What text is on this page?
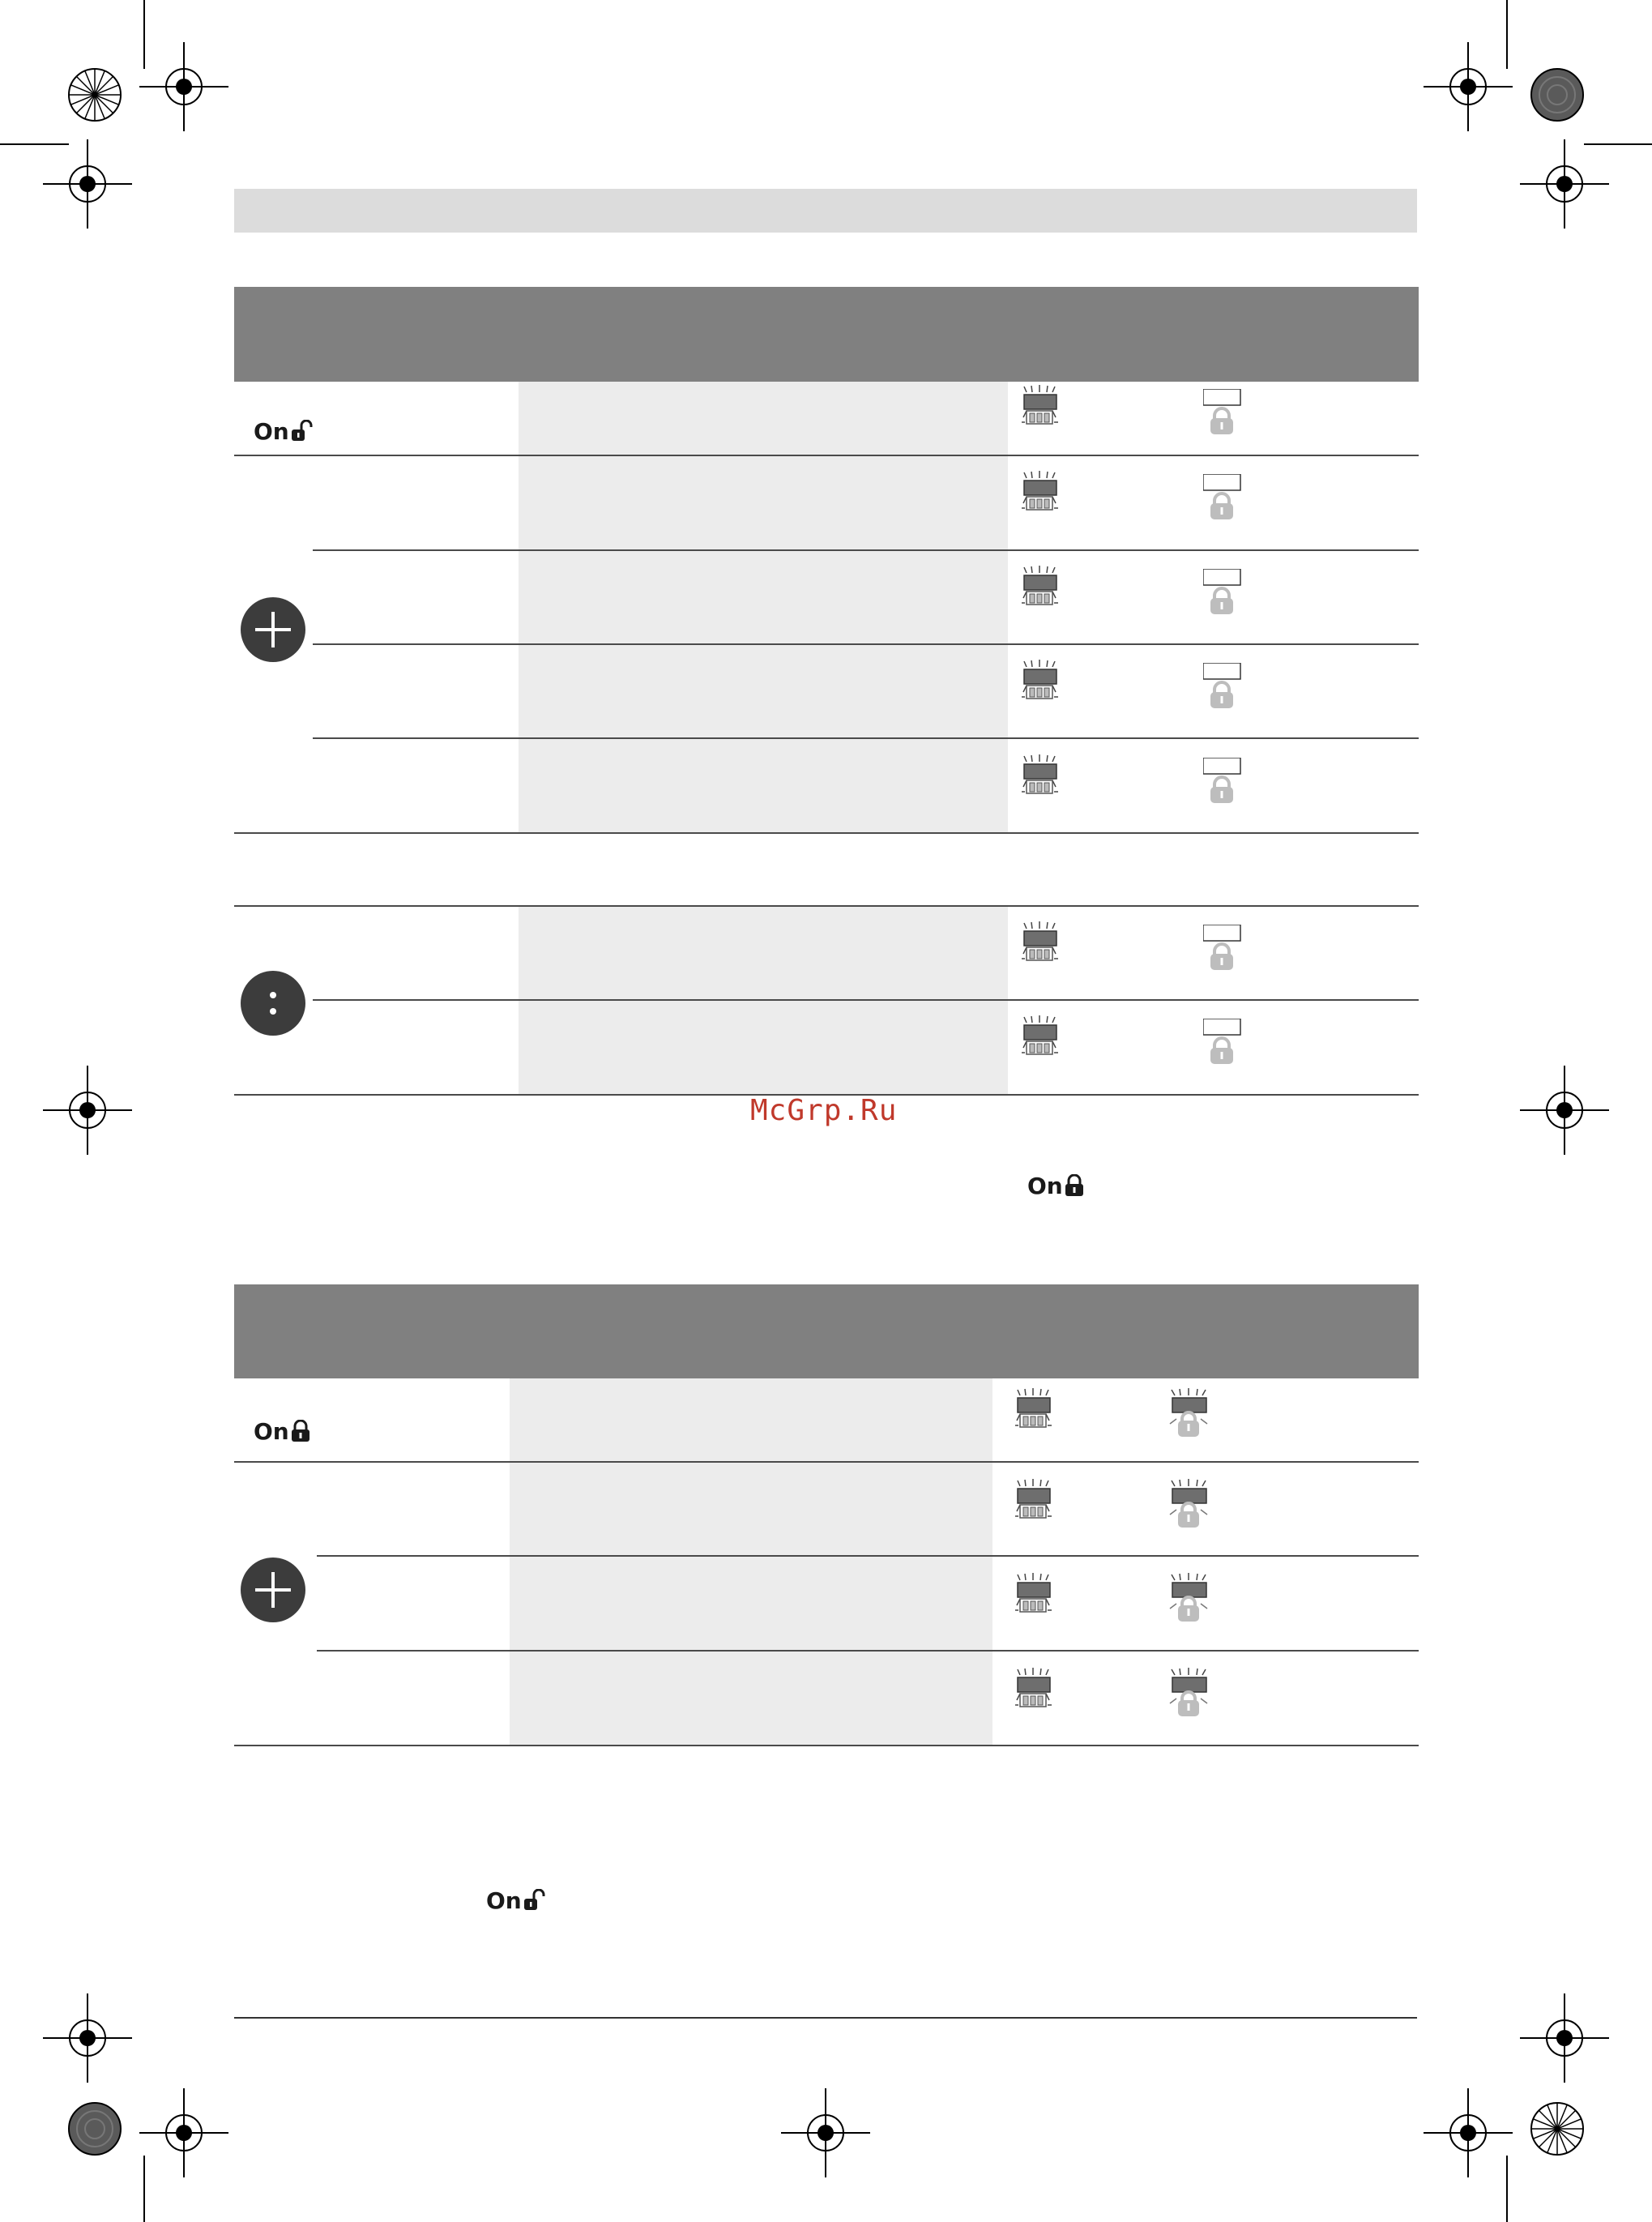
On
On
McGrp.Ru
On
On
